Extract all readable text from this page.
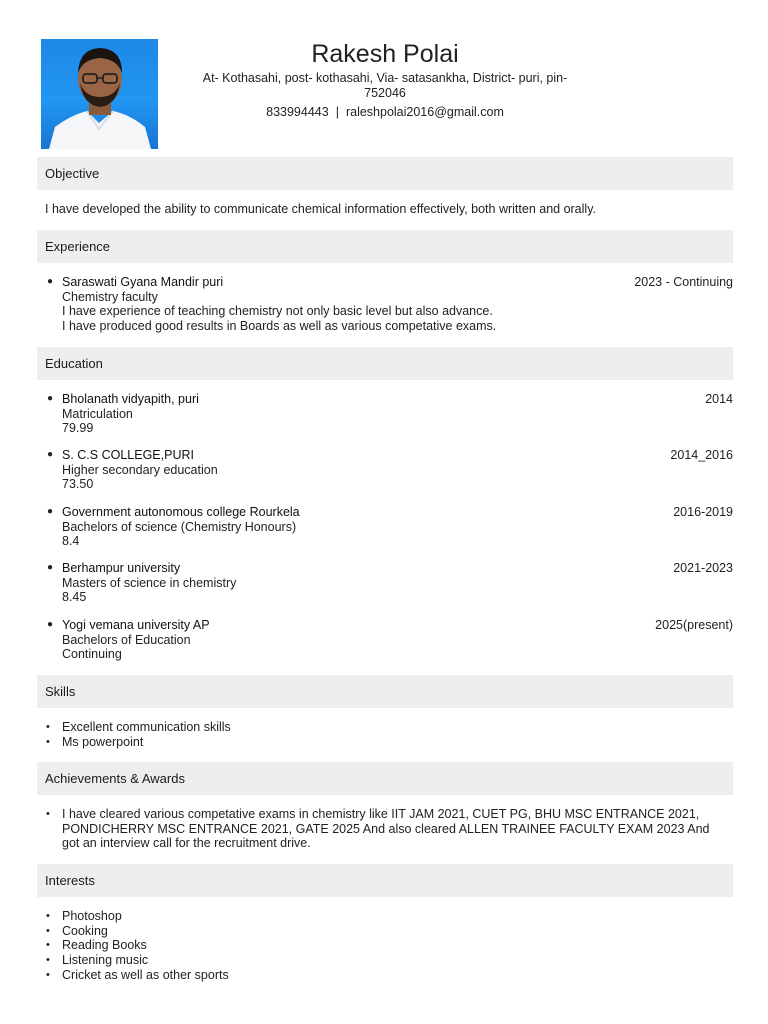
Rakesh Polai
At- Kothasahi, post- kothasahi, Via- satasankha, District- puri, pin-
752046
833994443 | raleshpolai2016@gmail.com
Objective
I have developed the ability to communicate chemical information effectively, both written and orally.
Experience
● Saraswati Gyana Mandir puri
Chemistry faculty
I have experience of teaching chemistry not only basic level but also advance.
I have produced good results in Boards as well as various competative exams.
2023 - Continuing
Education
● Bholanath vidyapith, puri
Matriculation
79.99
2014
● S. C.S COLLEGE,PURI
Higher secondary education
73.50
2014_2016
● Government autonomous college Rourkela
Bachelors of science (Chemistry Honours)
8.4
2016-2019
● Berhampur university
Masters of science in chemistry
8.45
2021-2023
● Yogi vemana university AP
Bachelors of Education
Continuing
2025(present)
Skills
• Excellent communication skills
• Ms powerpoint
Achievements & Awards
• I have cleared various competative exams in chemistry like IIT JAM 2021, CUET PG, BHU MSC ENTRANCE 2021,
PONDICHERRY MSC ENTRANCE 2021, GATE 2025 And also cleared ALLEN TRAINEE FACULTY EXAM 2023 And
got an interview call for the recruitment drive.
Interests
• Photoshop
• Cooking
• Reading Books
• Listening music
• Cricket as well as other sports
